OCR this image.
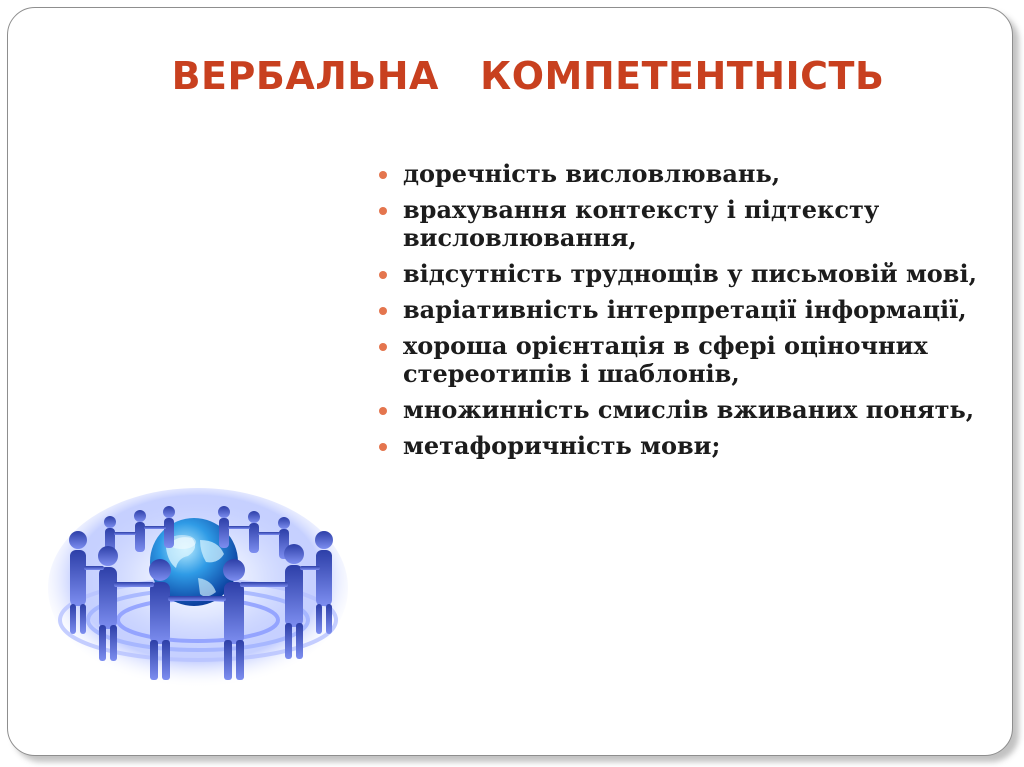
ВЕРБАЛЬНА   КОМПЕТЕНТНІСТЬ
доречність висловлювань,
врахування контексту і підтексту висловлювання,
відсутність труднощів у письмовій мові,
варіативність інтерпретації інформації,
хороша орієнтація в сфері оціночних стереотипів і шаблонів,
множинність смислів вживаних понять,
метафоричність мови;
